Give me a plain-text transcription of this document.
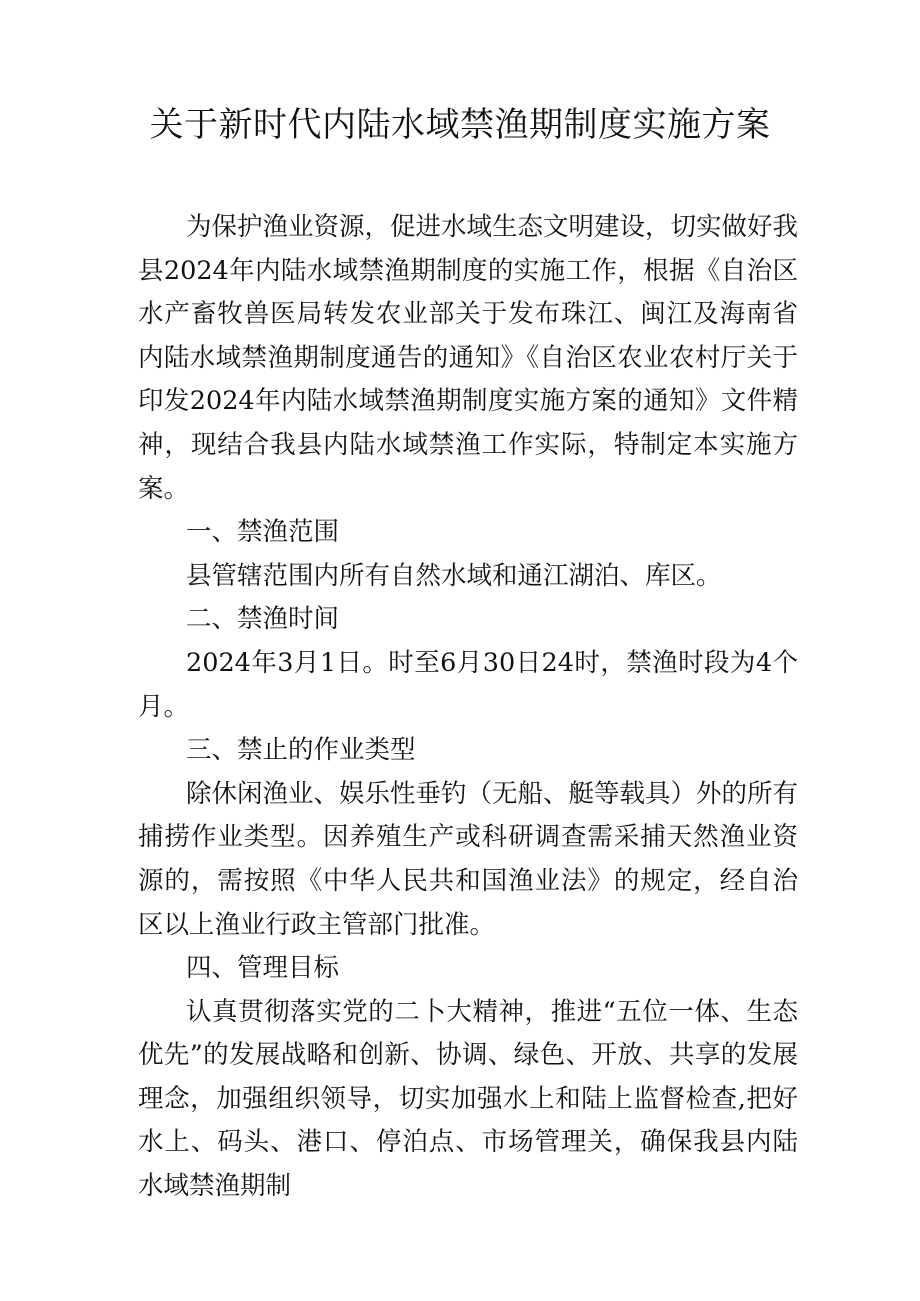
关于新时代内陆水域禁渔期制度实施方案

为保护渔业资源，促进水域生态文明建设，切实做好我县2024年内陆水域禁渔期制度的实施工作，根据《自治区水产畜牧兽医局转发农业部关于发布珠江、闽江及海南省内陆水域禁渔期制度通告的通知》《自治区农业农村厅关于印发2024年内陆水域禁渔期制度实施方案的通知》文件精神，现结合我县内陆水域禁渔工作实际，特制定本实施方案。

一、禁渔范围

县管辖范围内所有自然水域和通江湖泊、库区。

二、禁渔时间

2024年3月1日。时至6月30日24时，禁渔时段为4个月。

三、禁止的作业类型

除休闲渔业、娱乐性垂钓（无船、艇等载具）外的所有捕捞作业类型。因养殖生产或科研调查需采捕天然渔业资源的，需按照《中华人民共和国渔业法》的规定，经自治区以上渔业行政主管部门批准。

四、管理目标

认真贯彻落实党的二卜大精神，推进“五位一体、生态优先”的发展战略和创新、协调、绿色、开放、共享的发展理念，加强组织领导，切实加强水上和陆上监督检查,把好水上、码头、港口、停泊点、市场管理关，确保我县内陆水域禁渔期制
